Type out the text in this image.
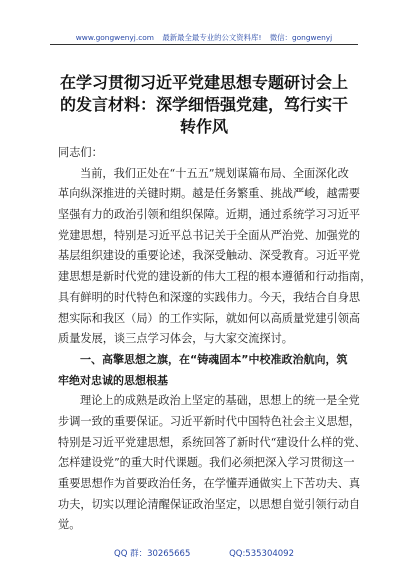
www.gongwenyj.com 最新最全最专业的公文资料库! 微信：gongwenyj
在学习贯彻习近平党建思想专题研讨会上
的发言材料：深学细悟强党建，笃行实干
转作风
同志们：
当前，我们正处在“十五五”规划谋篇布局、全面深化改
革向纵深推进的关键时期。越是任务繁重、挑战严峻，越需要
坚强有力的政治引领和组织保障。近期，通过系统学习习近平
党建思想，特别是习近平总书记关于全面从严治党、加强党的
基层组织建设的重要论述，我深受触动、深受教育。习近平党
建思想是新时代党的建设新的伟大工程的根本遵循和行动指南，
具有鲜明的时代特色和深邃的实践伟力。今天，我结合自身思
想实际和我区（局）的工作实际，就如何以高质量党建引领高
质量发展，谈三点学习体会，与大家交流探讨。
一、高擎思想之旗，在“铸魂固本”中校准政治航向，筑
牢绝对忠诚的思想根基
理论上的成熟是政治上坚定的基础，思想上的统一是全党
步调一致的重要保证。习近平新时代中国特色社会主义思想，
特别是习近平党建思想，系统回答了新时代“建设什么样的党、
怎样建设党”的重大时代课题。我们必须把深入学习贯彻这一
重要思想作为首要政治任务，在学懂弄通做实上下苦功夫、真
功夫，切实以理论清醒保证政治坚定，以思想自觉引领行动自
觉。
QQ 群：30265665	QQ:535304092
